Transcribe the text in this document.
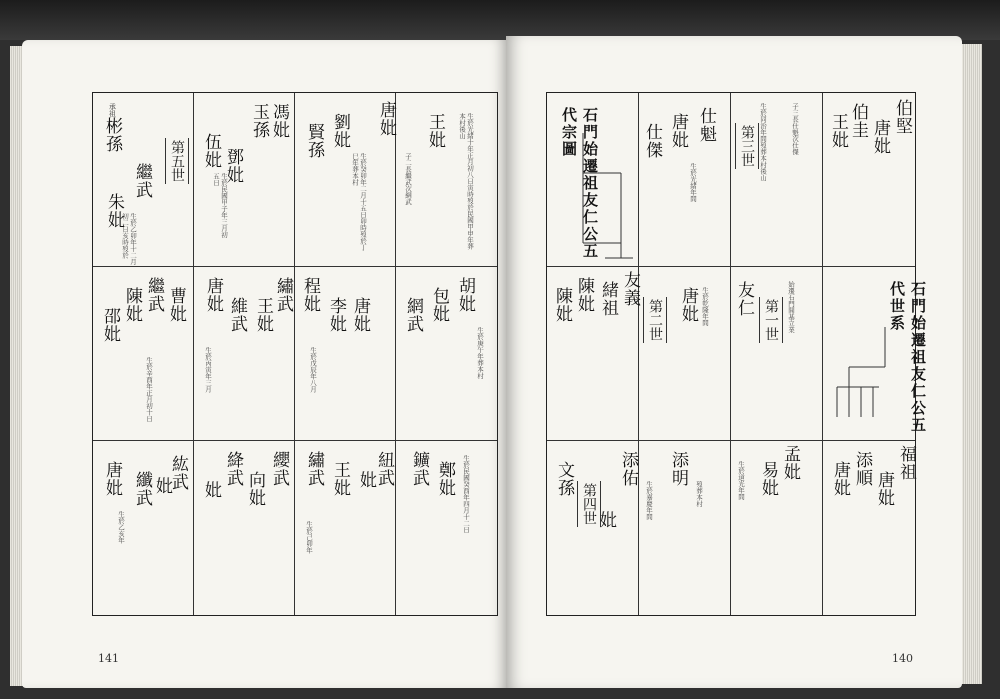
承祖
彬孫
繼武 第五世
朱妣
生於乙卯年十二月初二日亥時歿於
伍妣 鄧妣
玉孫 馮妣
生於民國甲子年三月初五日
賢孫 劉妣 唐妣
生於癸卯年二月十五日卯時歿於丁巳年葬本村
王妣	生於光緒十年正月初八日寅時歿於民國甲申年葬本村後山
子二長繼武次網武
邵妣
陳妣 繼武 曹妣
生於辛酉年正月初十日
唐妣
維武 王妣
繡武
生於丙寅年三月
程妣
李妣 唐妣
生於戊辰年八月
網武 包妣 胡妣
生於庚午年葬本村
唐妣 纖武 妣
紘武
生於乙亥年
妣
絳武
向妣
纓武 繡武 王妣 妣
紐武
生於己卯年
鑛武 鄭妣 生於民國癸酉年四月十二日
石門始遷祖友仁公五代宗圖	仕傑 唐妣 仕魁
生於光緒年間
第三世 生於同治年間歿葬本村後山	子三長仕魁次仕傑 王妣 伯圭 唐妣
伯堅
陳妣 陳妣 緒祖 友義
第二世 唐妣 生於乾隆年間 友仁 第一世	始遷石門開基立業	石門始遷祖友仁公五代世系
文孫
第四世 妣
添佑 添明
生於嘉慶年間	歿葬本村	易妣 孟妣
生於道光年間	唐妣 添順
唐妣
福祖
141	140
